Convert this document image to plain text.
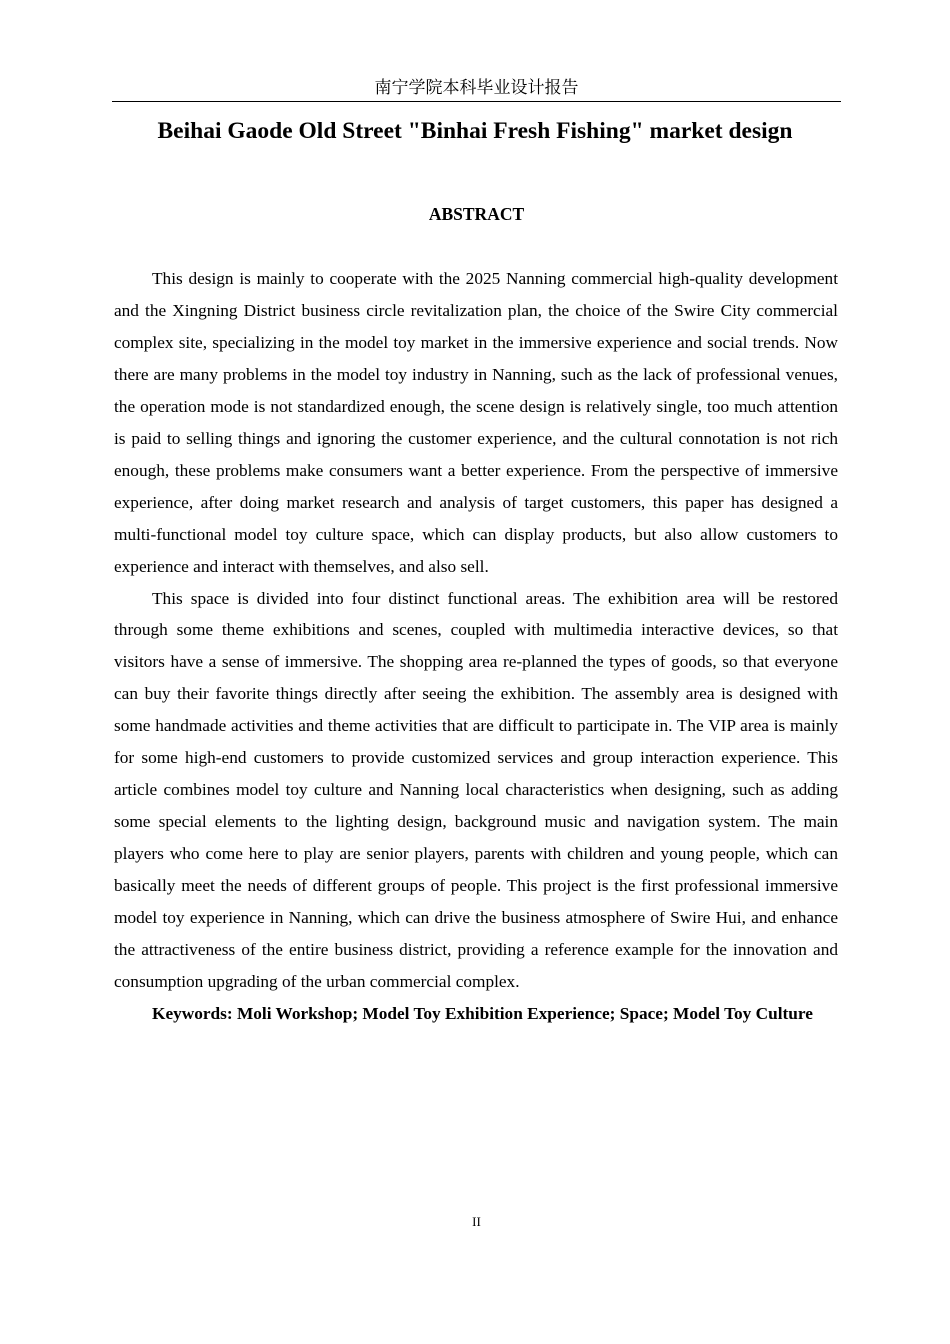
南宁学院本科毕业设计报告
Beihai Gaode Old Street "Binhai Fresh Fishing" market design
ABSTRACT

This design is mainly to cooperate with the 2025 Nanning commercial high-quality development and the Xingning District business circle revitalization plan, the choice of the Swire City commercial complex site, specializing in the model toy market in the immersive experience and social trends. Now there are many problems in the model toy industry in Nanning, such as the lack of professional venues, the operation mode is not standardized enough, the scene design is relatively single, too much attention is paid to selling things and ignoring the customer experience, and the cultural connotation is not rich enough, these problems make consumers want a better experience. From the perspective of immersive experience, after doing market research and analysis of target customers, this paper has designed a multi-functional model toy culture space, which can display products, but also allow customers to experience and interact with themselves, and also sell.

This space is divided into four distinct functional areas. The exhibition area will be restored through some theme exhibitions and scenes, coupled with multimedia interactive devices, so that visitors have a sense of immersive. The shopping area re-planned the types of goods, so that everyone can buy their favorite things directly after seeing the exhibition. The assembly area is designed with some handmade activities and theme activities that are difficult to participate in. The VIP area is mainly for some high-end customers to provide customized services and group interaction experience. This article combines model toy culture and Nanning local characteristics when designing, such as adding some special elements to the lighting design, background music and navigation system. The main players who come here to play are senior players, parents with children and young people, which can basically meet the needs of different groups of people. This project is the first professional immersive model toy experience in Nanning, which can drive the business atmosphere of Swire Hui, and enhance the attractiveness of the entire business district, providing a reference example for the innovation and consumption upgrading of the urban commercial complex.

Keywords: Moli Workshop; Model Toy Exhibition Experience; Space; Model Toy Culture

II
